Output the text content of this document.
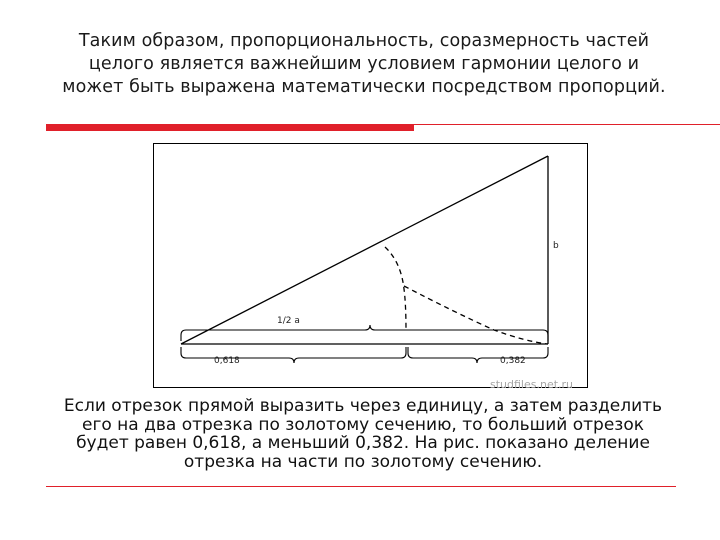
Таким образом, пропорциональность, соразмерность частей
целого является важнейшим условием гармонии целого и
может быть выражена математически посредством пропорций.
b
1/2 a
0,618	0,382
studfiles.net.ru
Если отрезок прямой выразить через единицу, а затем разделить
его на два отрезка по золотому сечению, то больший отрезок
будет равен 0,618, а меньший 0,382. На рис. показано деление
отрезка на части по золотому сечению.
